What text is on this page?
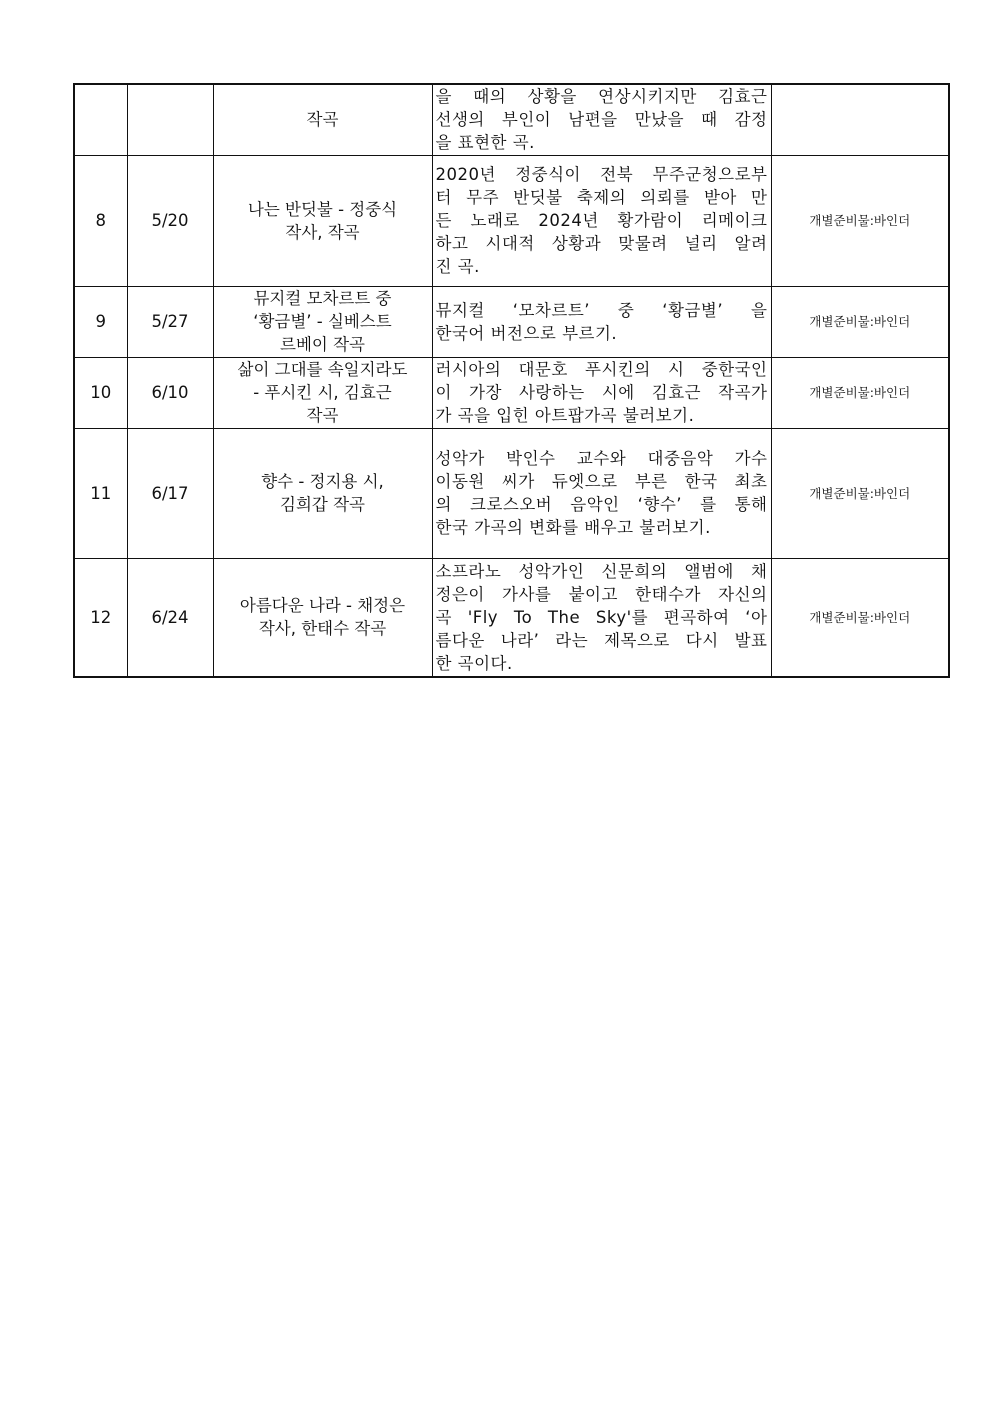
		작곡	을 때의 상황을 연상시키지만 김효근
선생의 부인이 남편을 만났을 때 감정
을 표현한 곡.	

8	5/20	나는 반딧불 - 정중식
작사, 작곡	2020년 정중식이 전북 무주군청으로부
터 무주 반딧불 축제의 의뢰를 받아 만
든 노래로 2024년 황가람이 리메이크
하고 시대적 상황과 맞물려 널리 알려
진 곡.	개별준비물:바인더
9	5/27	뮤지컬 모차르트 중
‘황금별’ - 실베스트
르베이 작곡	뮤지컬 ‘모차르트’ 중 ‘황금별’ 을
한국어 버전으로 부르기.	개별준비물:바인더
10	6/10	삶이 그대를 속일지라도
- 푸시킨 시, 김효근
작곡	러시아의 대문호 푸시킨의 시 중한국인
이 가장 사랑하는 시에 김효근 작곡가
가 곡을 입힌 아트팝가곡 불러보기.	개별준비물:바인더
11	6/17	향수 - 정지용 시,
김희갑 작곡	성악가 박인수 교수와 대중음악 가수
이동원 씨가 듀엣으로 부른 한국 최초
의 크로스오버 음악인 ‘향수’ 를 통해
한국 가곡의 변화를 배우고 불러보기.	개별준비물:바인더
12	6/24	아름다운 나라 - 채정은
작사, 한태수 작곡	소프라노 성악가인 신문희의 앨범에 채
정은이 가사를 붙이고 한태수가 자신의
곡 'Fly To The Sky'를 편곡하여 ‘아
름다운 나라’ 라는 제목으로 다시 발표
한 곡이다.	개별준비물:바인더
